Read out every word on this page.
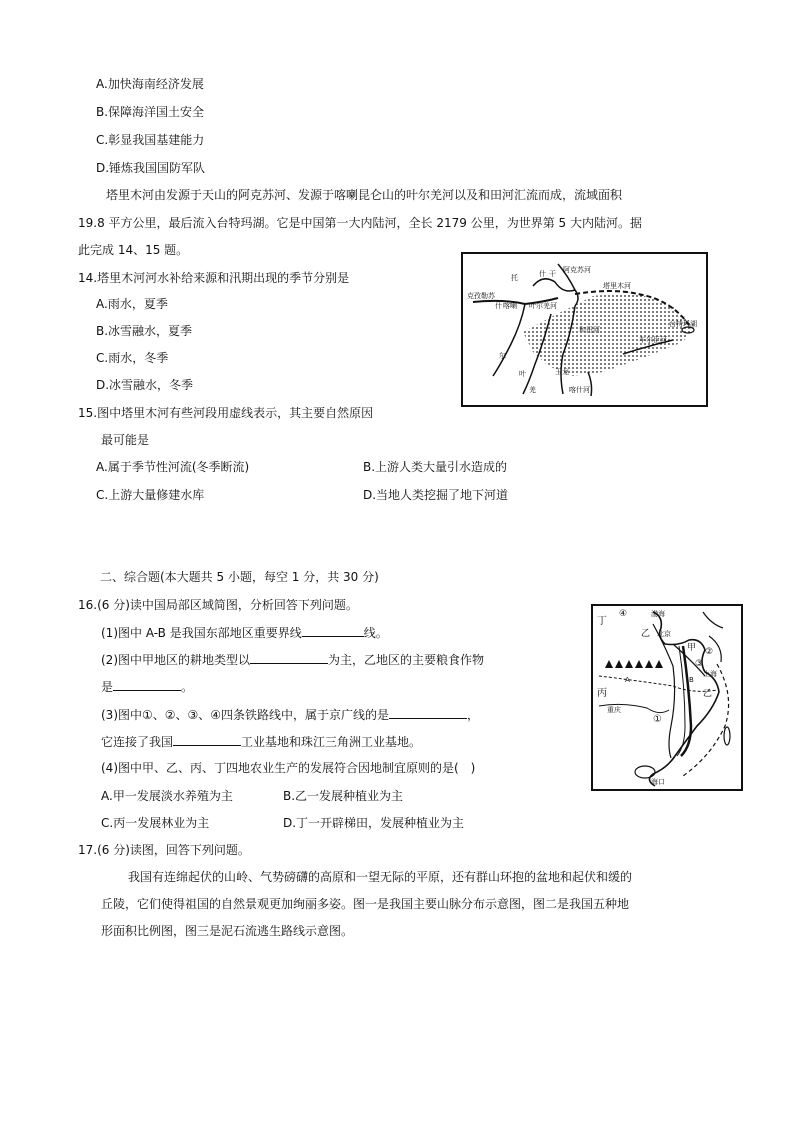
A.加快海南经济发展
B.保障海洋国土安全
C.彰显我国基建能力
D.锤炼我国国防军队
塔里木河由发源于天山的阿克苏河、发源于喀喇昆仑山的叶尔羌河以及和田河汇流而成，流域面积
19.8 平方公里，最后流入台特玛湖。它是中国第一大内陆河，全长 2179 公里，为世界第 5 大内陆河。据
此完成 14、15 题。
14.塔里木河河水补给来源和汛期出现的季节分别是
A.雨水，夏季
B.冰雪融水，夏季
C.雨水，冬季
D.冰雪融水，冬季
托	什 干 阿克苏河
塔里木河
喀喇
什	叶尔羌河
和田河
车尔臣河
克孜勒苏
尔
叶
羌
玉龙
喀什河
台特玛湖
15.图中塔里木河有些河段用虚线表示，其主要自然原因
最可能是
A.属于季节性河流(冬季断流)	B.上游人类大量引水造成的
C.上游大量修建水库	D.当地人类挖掘了地下河道
二、综合题(本大题共 5 小题，每空 1 分，共 30 分)
16.(6 分)读中国局部区域简图，分析回答下列问题。
(1)图中 A-B 是我国东部地区重要界线	线。
(2)图中甲地区的耕地类型以	为主，乙地区的主要粮食作物
是	。
(3)图中①、②、③、④四条铁路线中，属于京广线的是	，
它连接了我国	工业基地和珠江三角洲工业基地。
(4)图中甲、乙、丙、丁四地农业生产的发展符合因地制宜原则的是(　)
A.甲一发展淡水养殖为主	B.乙一发展种植业为主
C.丙一发展林业为主	D.丁一开辟梯田，发展种植业为主
丁
④	渤海
乙 北京
甲
③
②
A	B
丙
重庆
①
上海
乙
海口
17.(6 分)读图，回答下列问题。
我国有连绵起伏的山岭、气势磅礴的高原和一望无际的平原，还有群山环抱的盆地和起伏和缓的
丘陵，它们使得祖国的自然景观更加绚丽多姿。图一是我国主要山脉分布示意图，图二是我国五种地
形面积比例图，图三是泥石流逃生路线示意图。
